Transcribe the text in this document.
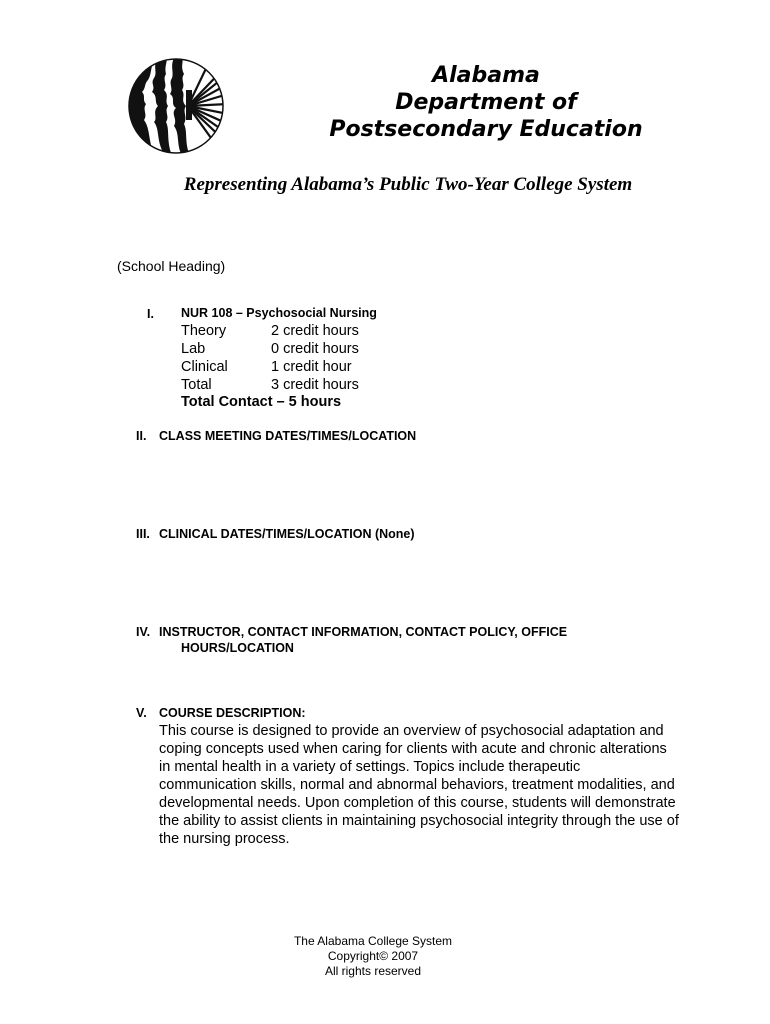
Alabama
Department of
Postsecondary Education
Representing Alabama’s Public Two-Year College System
(School Heading)
I. NUR 108 – Psychosocial Nursing
Theory	2 credit hours
Lab	0 credit hours
Clinical	1 credit hour
Total	3 credit hours
Total Contact – 5 hours
II. CLASS MEETING DATES/TIMES/LOCATION
III. CLINICAL DATES/TIMES/LOCATION (None)
IV. INSTRUCTOR, CONTACT INFORMATION, CONTACT POLICY, OFFICE
HOURS/LOCATION
V. COURSE DESCRIPTION:
This course is designed to provide an overview of psychosocial adaptation and coping concepts used when caring for clients with acute and chronic alterations in mental health in a variety of settings. Topics include therapeutic communication skills, normal and abnormal behaviors, treatment modalities, and developmental needs. Upon completion of this course, students will demonstrate the ability to assist clients in maintaining psychosocial integrity through the use of the nursing process.
The Alabama College System
Copyright© 2007
All rights reserved
